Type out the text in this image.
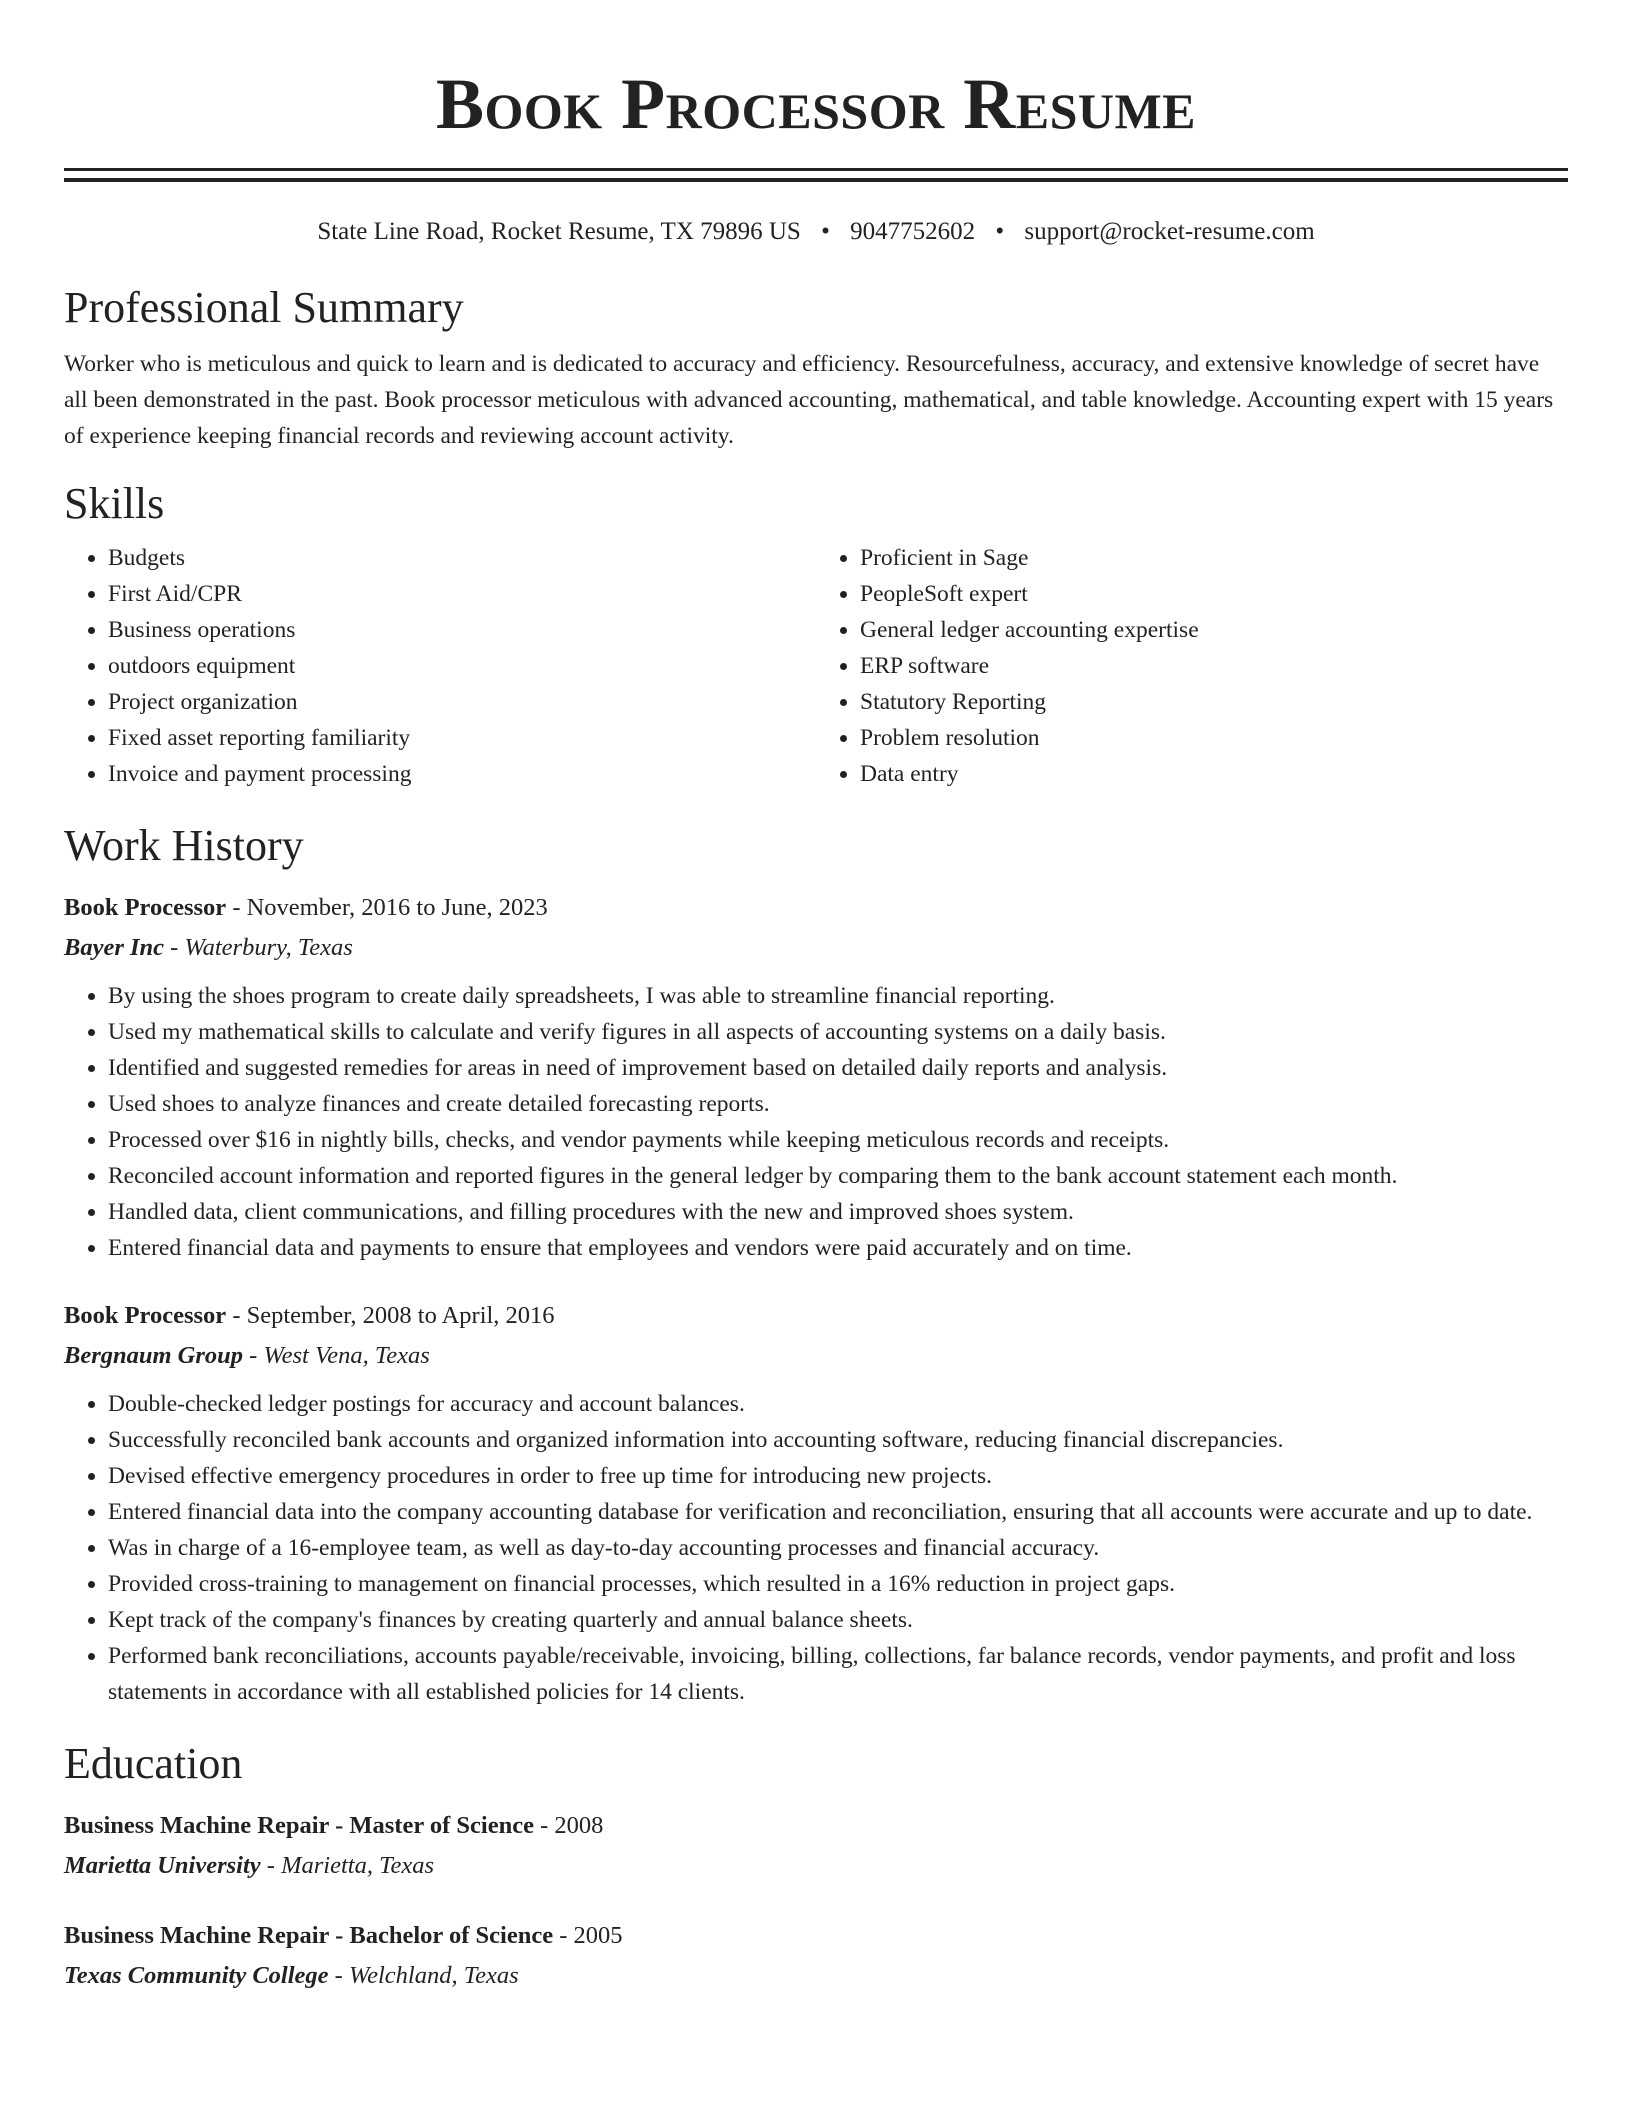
Book Processor Resume
State Line Road, Rocket Resume, TX 79896 US • 9047752602 • support@rocket-resume.com
Professional Summary

Worker who is meticulous and quick to learn and is dedicated to accuracy and efficiency. Resourcefulness, accuracy, and extensive knowledge of secret have all been demonstrated in the past. Book processor meticulous with advanced accounting, mathematical, and table knowledge. Accounting expert with 15 years of experience keeping financial records and reviewing account activity.

Skills
• Budgets
• First Aid/CPR
• Business operations
• outdoors equipment
• Project organization
• Fixed asset reporting familiarity
• Invoice and payment processing
• Proficient in Sage
• PeopleSoft expert
• General ledger accounting expertise
• ERP software
• Statutory Reporting
• Problem resolution
• Data entry
Work History
Book Processor - November, 2016 to June, 2023
Bayer Inc - Waterbury, Texas
• By using the shoes program to create daily spreadsheets, I was able to streamline financial reporting.
• Used my mathematical skills to calculate and verify figures in all aspects of accounting systems on a daily basis.
• Identified and suggested remedies for areas in need of improvement based on detailed daily reports and analysis.
• Used shoes to analyze finances and create detailed forecasting reports.
• Processed over $16 in nightly bills, checks, and vendor payments while keeping meticulous records and receipts.
• Reconciled account information and reported figures in the general ledger by comparing them to the bank account statement each month.
• Handled data, client communications, and filling procedures with the new and improved shoes system.
• Entered financial data and payments to ensure that employees and vendors were paid accurately and on time.
Book Processor - September, 2008 to April, 2016
Bergnaum Group - West Vena, Texas
• Double-checked ledger postings for accuracy and account balances.
• Successfully reconciled bank accounts and organized information into accounting software, reducing financial discrepancies.
• Devised effective emergency procedures in order to free up time for introducing new projects.
• Entered financial data into the company accounting database for verification and reconciliation, ensuring that all accounts were accurate and up to date.
• Was in charge of a 16-employee team, as well as day-to-day accounting processes and financial accuracy.
• Provided cross-training to management on financial processes, which resulted in a 16% reduction in project gaps.
• Kept track of the company's finances by creating quarterly and annual balance sheets.
• Performed bank reconciliations, accounts payable/receivable, invoicing, billing, collections, far balance records, vendor payments, and profit and loss statements in accordance with all established policies for 14 clients.
Education
Business Machine Repair - Master of Science - 2008
Marietta University - Marietta, Texas
Business Machine Repair - Bachelor of Science - 2005
Texas Community College - Welchland, Texas
